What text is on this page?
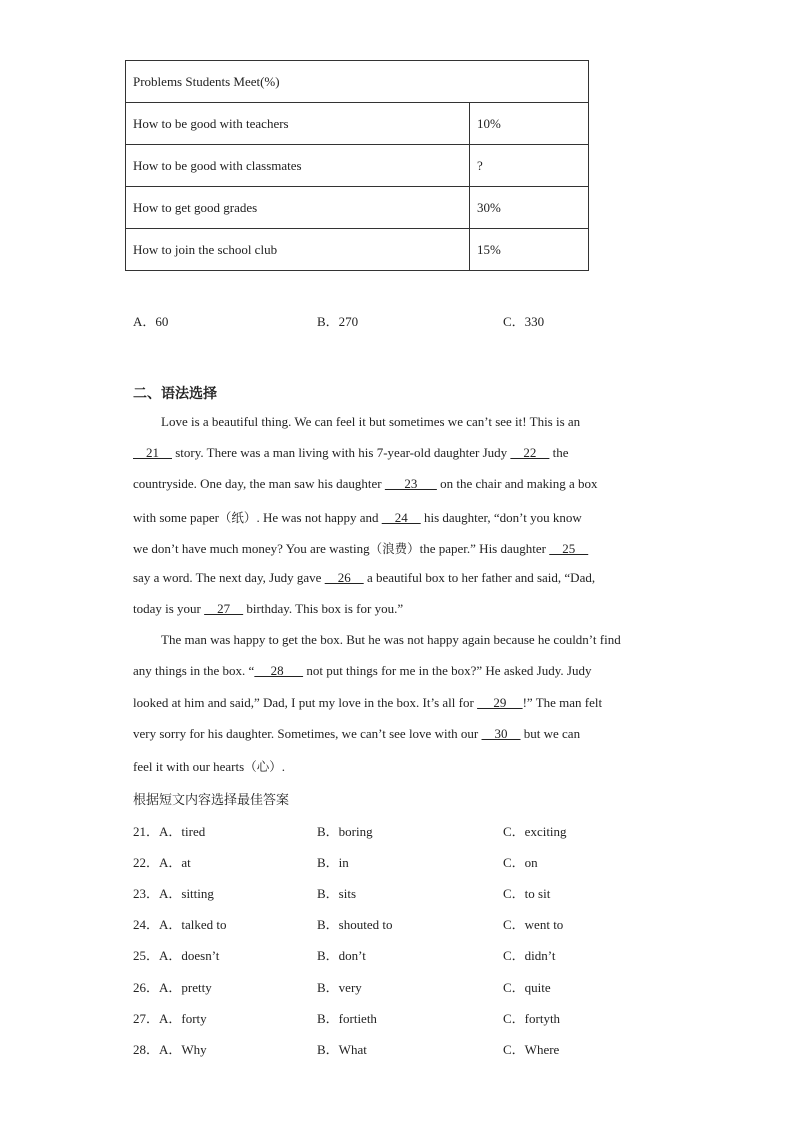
Problems Students Meet(%)	
How to be good with teachers	10%
How to be good with classmates	?
How to get good grades	30%
How to join the school club	15%
A．60	B．270	C．330
二、语法选择
Love is a beautiful thing. We can feel it but sometimes we can’t see it! This is an
21     story. There was a man living with his 7-year-old daughter Judy     22     the
countryside. One day, the man saw his daughter       23       on the chair and making a box
with some paper（纸）. He was not happy and     24     his daughter, “don’t you know
we don’t have much money? You are wasting（浪费）the paper.” His daughter     25
say a word. The next day, Judy gave     26     a beautiful box to her father and said, “Dad,
today is your     27     birthday. This box is for you.”
The man was happy to get the box. But he was not happy again because he couldn’t find
any things in the box. “     28       not put things for me in the box?” He asked Judy. Judy
looked at him and said,” Dad, I put my love in the box. It’s all for      29     !” The man felt
very sorry for his daughter. Sometimes, we can’t see love with our     30     but we can
feel it with our hearts（心）.
根据短文内容选择最佳答案
21．A．tired	B．boring	C．exciting
22．A．at	B．in	C．on
23．A．sitting	B．sits	C．to sit
24．A．talked to	B．shouted to	C．went to
25．A．doesn’t	B．don’t	C．didn’t
26．A．pretty	B．very	C．quite
27．A．forty	B．fortieth	C．fortyth
28．A．Why	B．What	C．Where
